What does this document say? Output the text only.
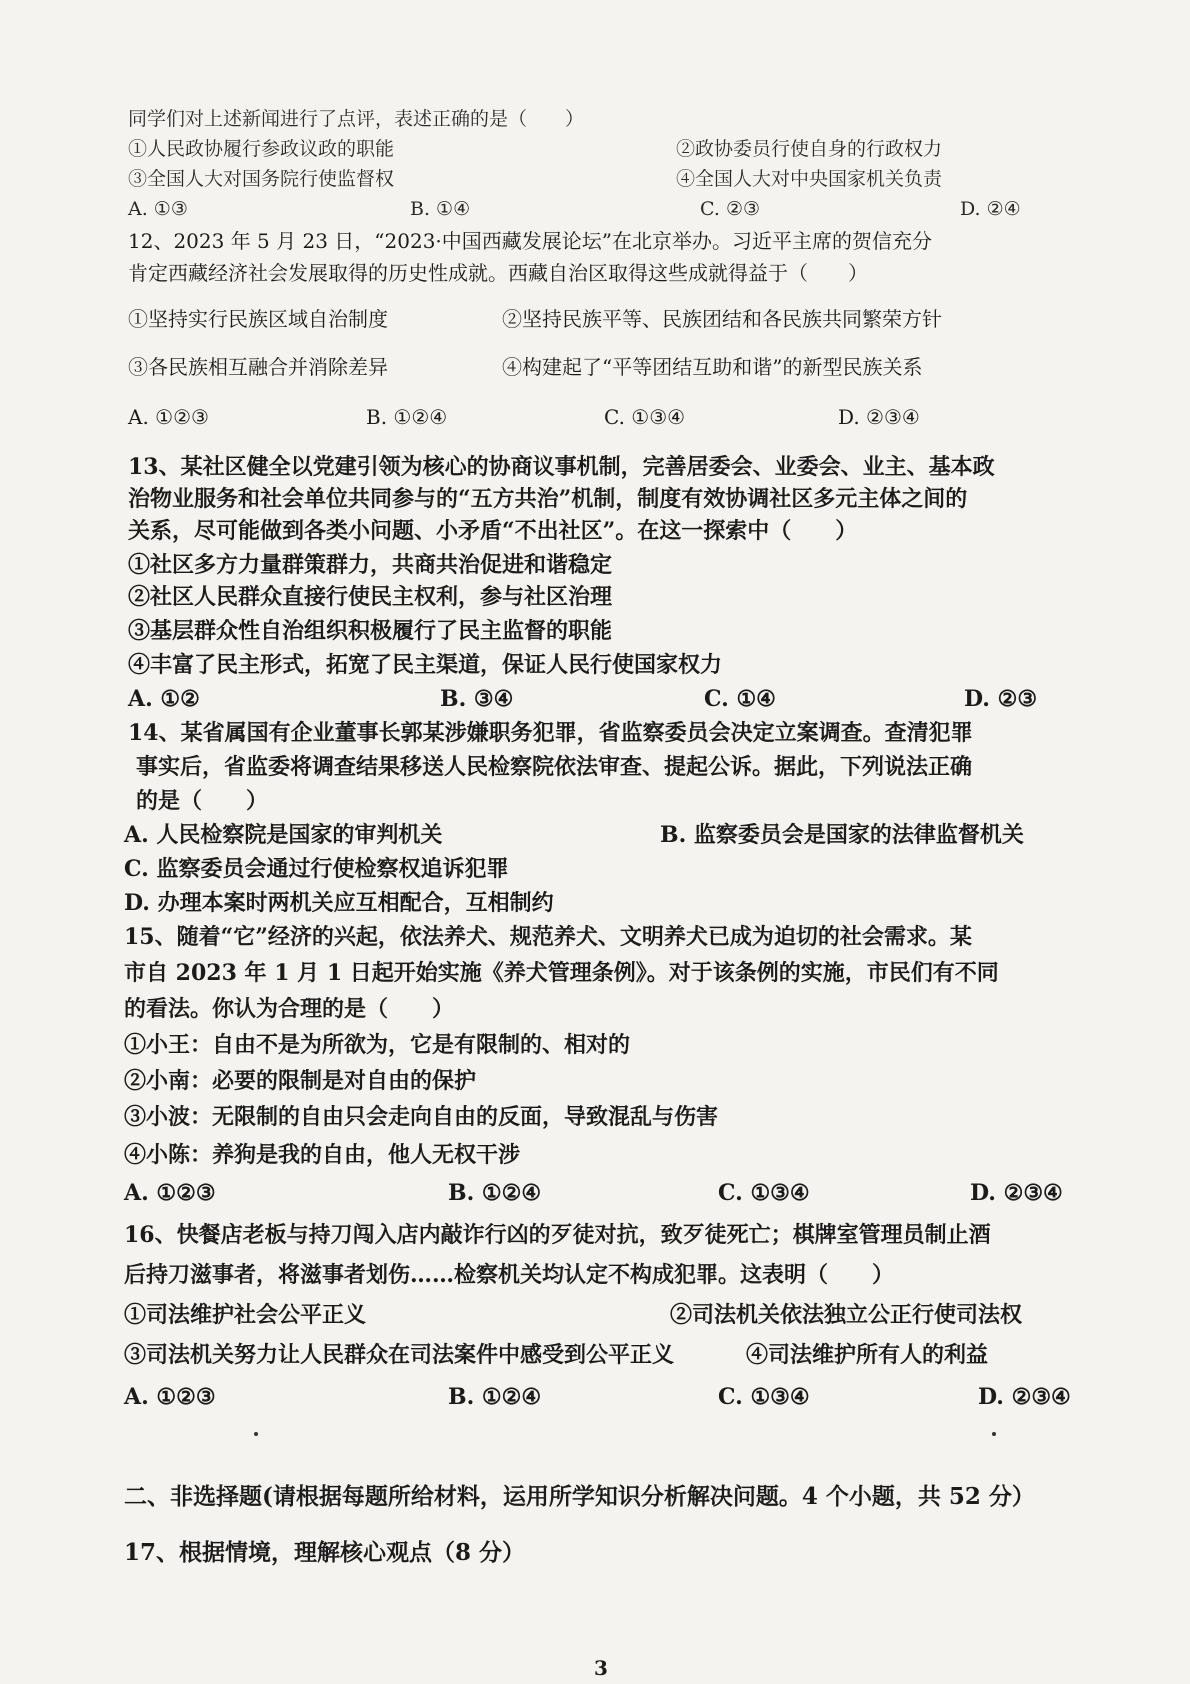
同学们对上述新闻进行了点评，表述正确的是（　　）
①人民政协履行参政议政的职能	②政协委员行使自身的行政权力
③全国人大对国务院行使监督权	④全国人大对中央国家机关负责
A. ①③	B. ①④	C. ②③	D. ②④
12、2023 年 5 月 23 日，“2023·中国西藏发展论坛”在北京举办。习近平主席的贺信充分
肯定西藏经济社会发展取得的历史性成就。西藏自治区取得这些成就得益于（　　）
①坚持实行民族区域自治制度	②坚持民族平等、民族团结和各民族共同繁荣方针
③各民族相互融合并消除差异	④构建起了“平等团结互助和谐”的新型民族关系
A. ①②③	B. ①②④	C. ①③④	D. ②③④
13、某社区健全以党建引领为核心的协商议事机制，完善居委会、业委会、业主、基本政
治物业服务和社会单位共同参与的“五方共治”机制，制度有效协调社区多元主体之间的
关系，尽可能做到各类小问题、小矛盾“不出社区”。在这一探索中（　　）
①社区多方力量群策群力，共商共治促进和谐稳定
②社区人民群众直接行使民主权利，参与社区治理
③基层群众性自治组织积极履行了民主监督的职能
④丰富了民主形式，拓宽了民主渠道，保证人民行使国家权力
A. ①②	B. ③④	C. ①④	D. ②③
14、某省属国有企业董事长郭某涉嫌职务犯罪，省监察委员会决定立案调查。查清犯罪
事实后，省监委将调查结果移送人民检察院依法审查、提起公诉。据此，下列说法正确
的是（　　）
A. 人民检察院是国家的审判机关	B. 监察委员会是国家的法律监督机关
C. 监察委员会通过行使检察权追诉犯罪
D. 办理本案时两机关应互相配合，互相制约
15、随着“它”经济的兴起，依法养犬、规范养犬、文明养犬已成为迫切的社会需求。某
市自 2023 年 1 月 1 日起开始实施《养犬管理条例》。对于该条例的实施，市民们有不同
的看法。你认为合理的是（　　）
①小王：自由不是为所欲为，它是有限制的、相对的
②小南：必要的限制是对自由的保护
③小波：无限制的自由只会走向自由的反面，导致混乱与伤害
④小陈：养狗是我的自由，他人无权干涉
A. ①②③	B. ①②④	C. ①③④	D. ②③④
16、快餐店老板与持刀闯入店内敲诈行凶的歹徒对抗，致歹徒死亡；棋牌室管理员制止酒
后持刀滋事者，将滋事者划伤……检察机关均认定不构成犯罪。这表明（　　）
①司法维护社会公平正义	②司法机关依法独立公正行使司法权
③司法机关努力让人民群众在司法案件中感受到公平正义	④司法维护所有人的利益
A. ①②③	B. ①②④	C. ①③④	D. ②③④
二、非选择题(请根据每题所给材料，运用所学知识分析解决问题。4 个小题，共 52 分）
17、根据情境，理解核心观点（8 分）
3
